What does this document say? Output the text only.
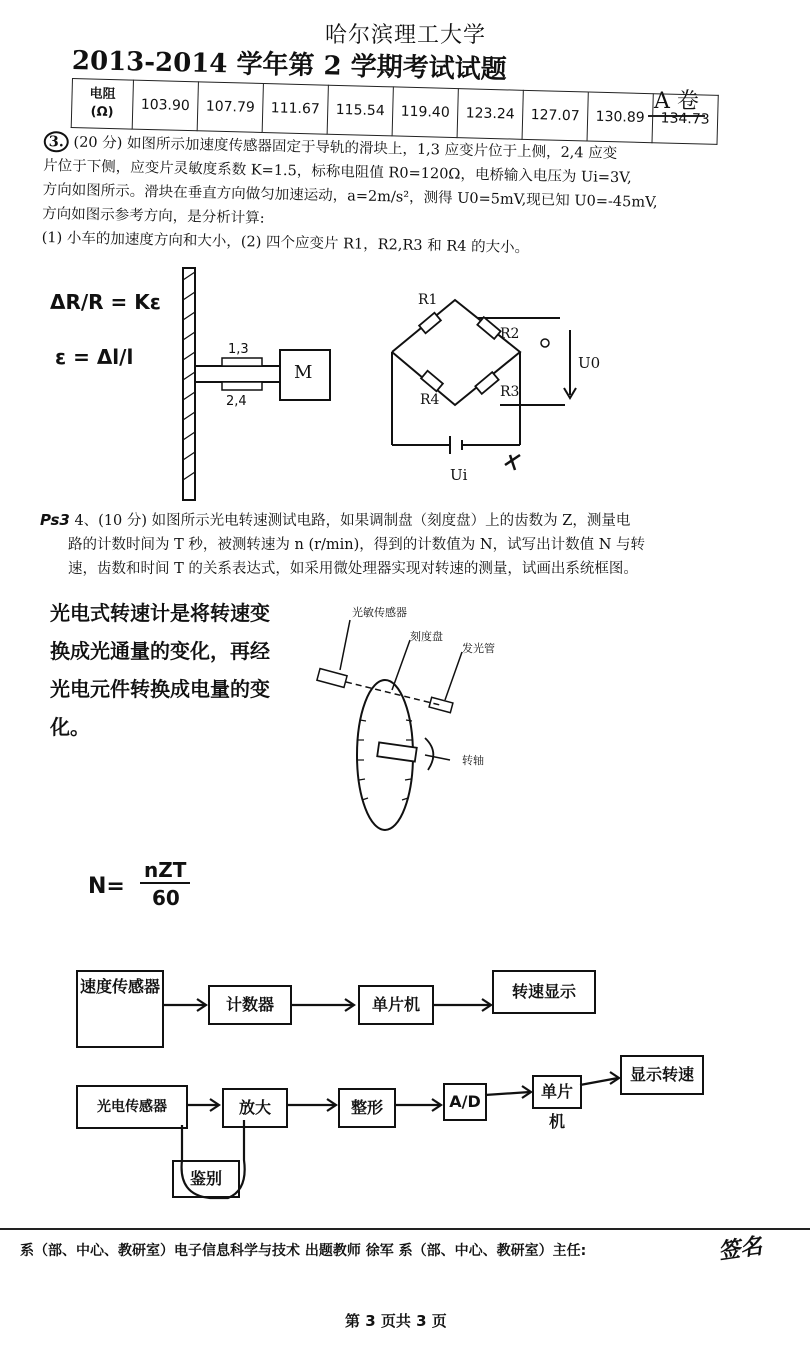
哈尔滨理工大学
2013-2014 学年第 2 学期考试试题
A 卷
电阻
(Ω)	103.90	107.79	111.67	115.54	119.40	123.24	127.07	130.89	134.73
3. (20 分) 如图所示加速度传感器固定于导轨的滑块上，1,3 应变片位于上侧，2,4 应变
片位于下侧，应变片灵敏度系数 K=1.5，标称电阻值 R0=120Ω，电桥输入电压为 Ui=3V,
方向如图所示。滑块在垂直方向做匀加速运动，a=2m/s²，测得 U0=5mV,现已知 U0=-45mV,
方向如图示参考方向，是分析计算:
(1) 小车的加速度方向和大小，(2) 四个应变片 R1，R2,R3 和 R4 的大小。
ΔR/R = Kε
ε = Δl/l	1,3
2,4
M
R1
R2
R3
R4
U0
Ui
Ps3 4、(10 分) 如图所示光电转速测试电路，如果调制盘（刻度盘）上的齿数为 Z，测量电
路的计数时间为 T 秒，被测转速为 n (r/min)，得到的计数值为 N，试写出计数值 N 与转
速，齿数和时间 T 的关系表达式，如采用微处理器实现对转速的测量，试画出系统框图。
光电式转速计是将转速变
换成光通量的变化，再经
光电元件转换成电量的变
化。
光敏传感器
刻度盘
发光管
转轴
N=
nZT
60
速度传感器
计数器	单片机
转速显示
光电传感器	放大	整形	A/D
单片机
显示转速
鉴别
系（部、中心、教研室）电子信息科学与技术 出题教师 徐军 系（部、中心、教研室）主任:	签名
第 3 页共 3 页
